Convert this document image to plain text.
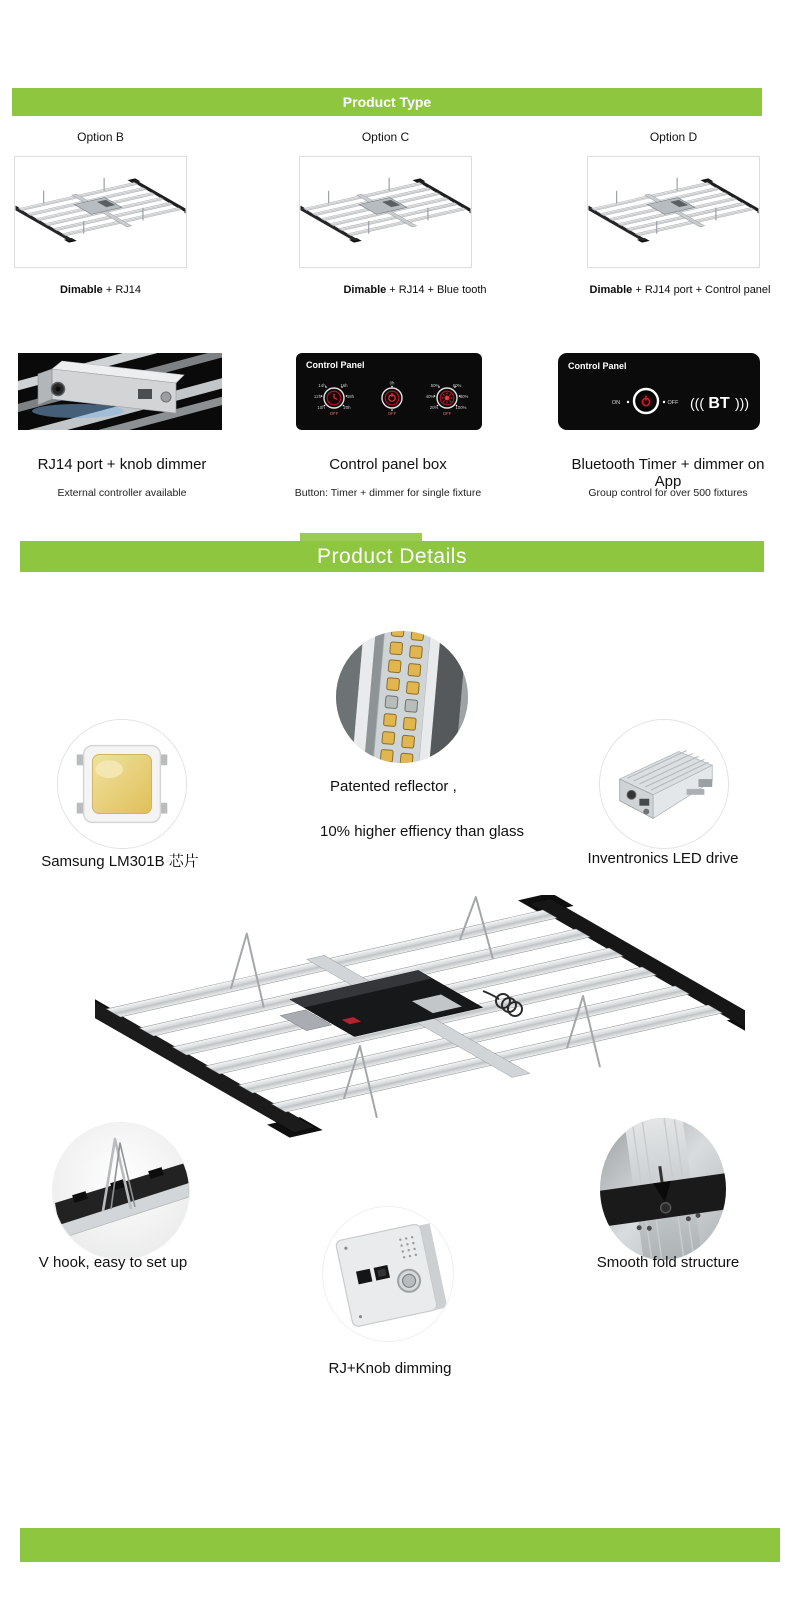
Product Type
Option B	Option C	Option D
Dimable + RJ14	Dimable + RJ14 + Blue tooth	Dimable + RJ14 port + Control panel
Control Panel
14h	16h
12h	18h
10h	20h
OFF
0h
OFF
50%	60%
40%	80%
20%	100%
OFF
Control Panel
ON	OFF ((( BT )))
RJ14 port + knob dimmer	Control panel box	Bluetooth Timer + dimmer on App
External controller available	Button: Timer + dimmer for single fixture	Group control for over 500 fixtures
Product Details
Patented reflector ,
10% higher effiency than glass
Samsung LM301B 芯片	Inventronics LED drive
V hook, easy to set up	Smooth fold structure
RJ+Knob dimming
